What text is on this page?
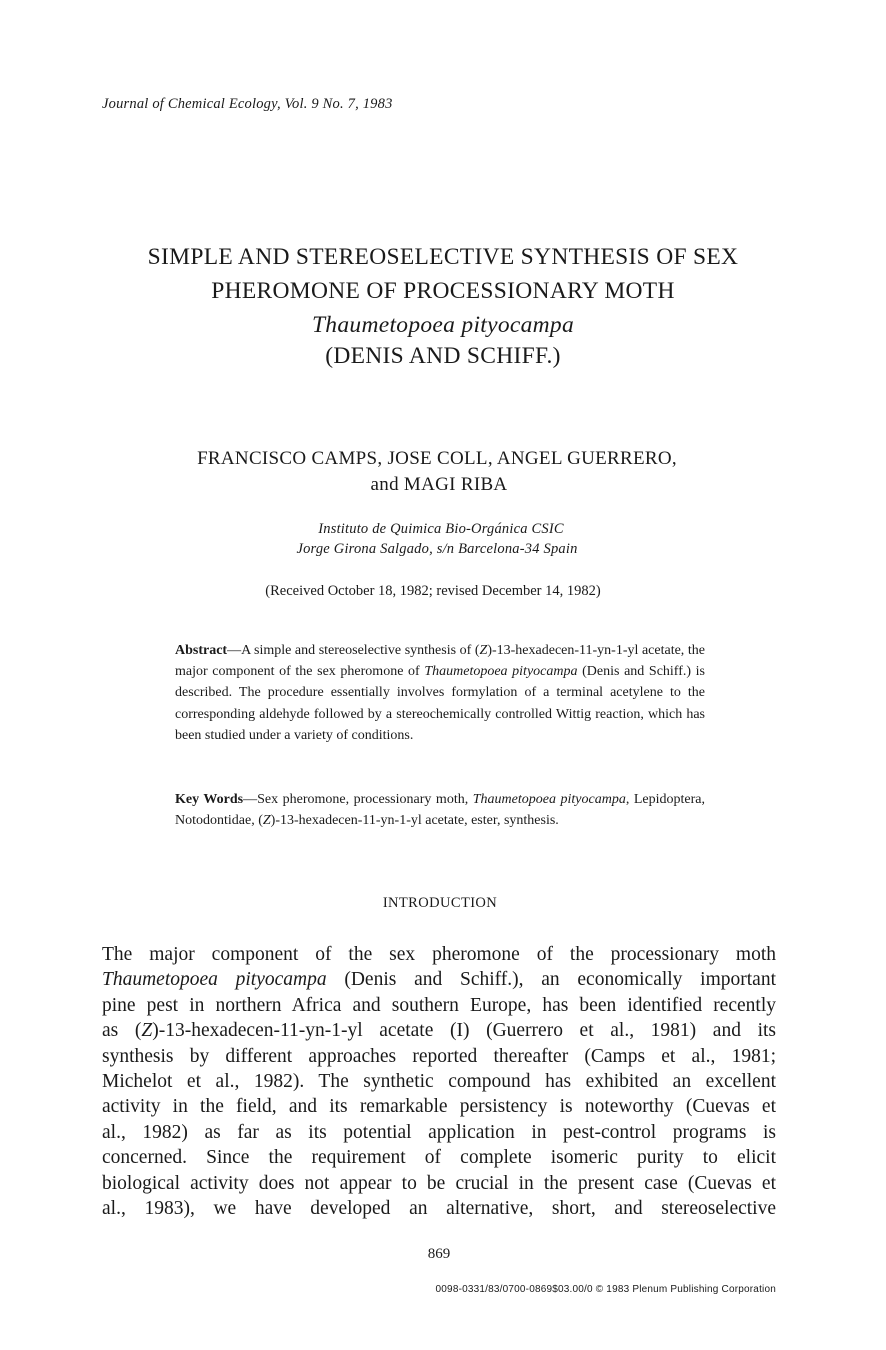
Journal of Chemical Ecology, Vol. 9 No. 7, 1983
SIMPLE AND STEREOSELECTIVE SYNTHESIS OF SEX
PHEROMONE OF PROCESSIONARY MOTH
Thaumetopoea pityocampa
(DENIS AND SCHIFF.)
FRANCISCO CAMPS, JOSE COLL, ANGEL GUERRERO,
and MAGI RIBA
Instituto de Quimica Bio-Orgánica CSIC
Jorge Girona Salgado, s/n Barcelona-34 Spain
(Received October 18, 1982; revised December 14, 1982)
Abstract—A simple and stereoselective synthesis of (Z)-13-hexadecen-11-yn-1-yl acetate, the major component of the sex pheromone of Thaumetopoea pityocampa (Denis and Schiff.) is described. The procedure essentially involves formylation of a terminal acetylene to the corresponding aldehyde followed by a stereochemically controlled Wittig reaction, which has been studied under a variety of conditions.
Key Words—Sex pheromone, processionary moth, Thaumetopoea pityocampa, Lepidoptera, Notodontidae, (Z)-13-hexadecen-11-yn-1-yl acetate, ester, synthesis.
INTRODUCTION
The major component of the sex pheromone of the processionary moth
Thaumetopoea pityocampa (Denis and Schiff.), an economically important
pine pest in northern Africa and southern Europe, has been identified recently
as (Z)-13-hexadecen-11-yn-1-yl acetate (I) (Guerrero et al., 1981) and its
synthesis by different approaches reported thereafter (Camps et al., 1981;
Michelot et al., 1982). The synthetic compound has exhibited an excellent
activity in the field, and its remarkable persistency is noteworthy (Cuevas et
al., 1982) as far as its potential application in pest-control programs is
concerned. Since the requirement of complete isomeric purity to elicit
biological activity does not appear to be crucial in the present case (Cuevas et
al., 1983), we have developed an alternative, short, and stereoselective
869
0098-0331/83/0700-0869$03.00/0 © 1983 Plenum Publishing Corporation
